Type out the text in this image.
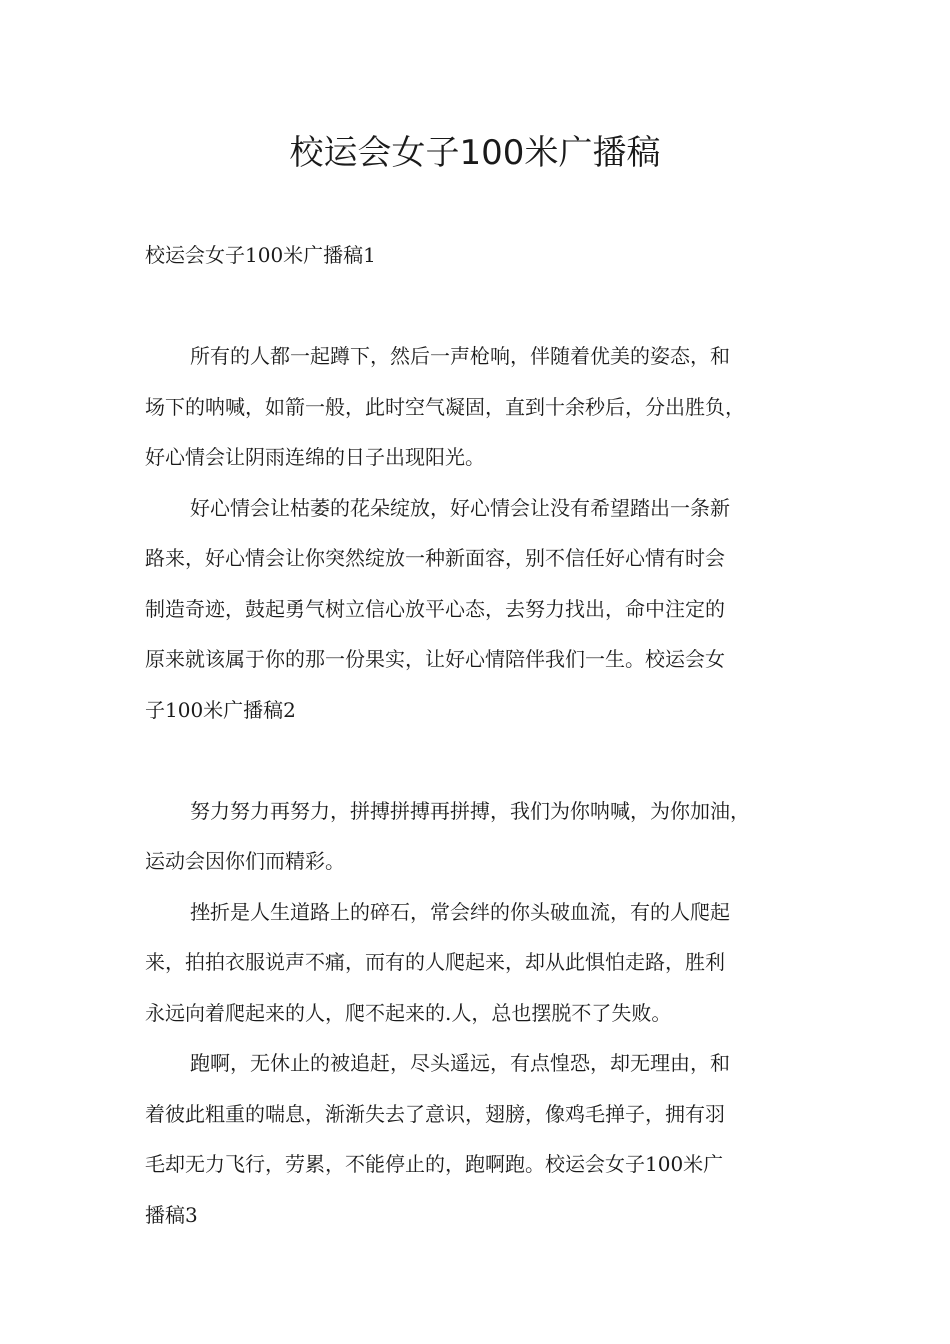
校运会女子100米广播稿

校运会女子100米广播稿1

所有的人都一起蹲下，然后一声枪响，伴随着优美的姿态，和

场下的呐喊，如箭一般，此时空气凝固，直到十余秒后，分出胜负，

好心情会让阴雨连绵的日子出现阳光。

好心情会让枯萎的花朵绽放，好心情会让没有希望踏出一条新

路来，好心情会让你突然绽放一种新面容，别不信任好心情有时会

制造奇迹，鼓起勇气树立信心放平心态，去努力找出，命中注定的

原来就该属于你的那一份果实，让好心情陪伴我们一生。校运会女

子100米广播稿2

努力努力再努力，拼搏拼搏再拼搏，我们为你呐喊，为你加油，

运动会因你们而精彩。

挫折是人生道路上的碎石，常会绊的你头破血流，有的人爬起

来，拍拍衣服说声不痛，而有的人爬起来，却从此惧怕走路，胜利

永远向着爬起来的人，爬不起来的.人，总也摆脱不了失败。

跑啊，无休止的被追赶，尽头遥远，有点惶恐，却无理由，和

着彼此粗重的喘息，渐渐失去了意识，翅膀，像鸡毛掸子，拥有羽

毛却无力飞行，劳累，不能停止的，跑啊跑。校运会女子100米广

播稿3
